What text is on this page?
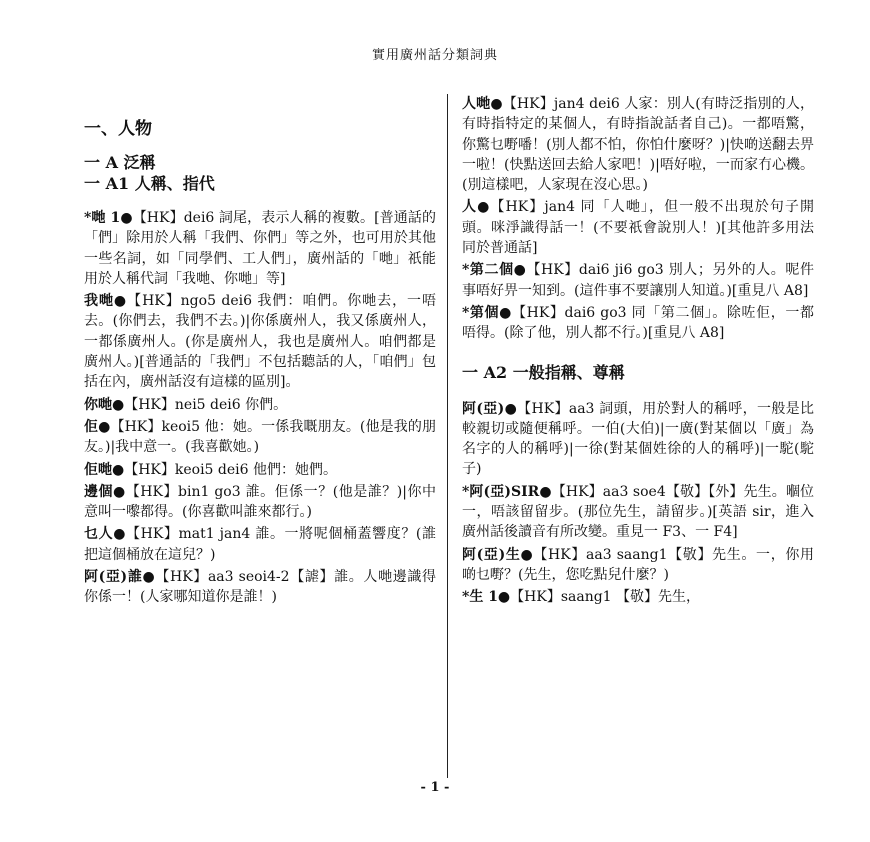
實用廣州話分類詞典
一、人物
一 A 泛稱
一 A1 人稱、指代

*哋 1●【HK】dei6 詞尾，表示人稱的複數。[普通話的「們」除用於人稱「我們、你們」等之外，也可用於其他一些名詞，如「同學們、工人們」，廣州話的「哋」祇能用於人稱代詞「我哋、你哋」等]

我哋●【HK】ngo5 dei6 我們：咱們。你哋去，一唔去。(你們去，我們不去。)|你係廣州人，我又係廣州人，一都係廣州人。(你是廣州人，我也是廣州人。咱們都是廣州人。)[普通話的「我們」不包括聽話的人，「咱們」包括在內，廣州話沒有這樣的區別]。

你哋●【HK】nei5 dei6 你們。

佢●【HK】keoi5 他：她。一係我嘅朋友。(他是我的朋友。)|我中意一。(我喜歡她。)

佢哋●【HK】keoi5 dei6 他們：她們。

邊個●【HK】bin1 go3 誰。佢係一？(他是誰？)|你中意叫一嚟都得。(你喜歡叫誰來都行。)

乜人●【HK】mat1 jan4 誰。一將呢個桶蓋響度？(誰把這個桶放在這兒？)

阿(亞)誰●【HK】aa3 seoi4-2【謔】誰。人哋邊識得你係一！(人家哪知道你是誰！)

人哋●【HK】jan4 dei6 人家：別人(有時泛指別的人，有時指特定的某個人，有時指說話者自己)。一都唔驚，你驚乜嘢噃！(別人都不怕，你怕什麼呀？)|快啲送翻去畀一啦！(快點送回去給人家吧！)|唔好啦，一而家冇心機。(別這樣吧，人家現在沒心思。)

人●【HK】jan4 同「人哋」，但一般不出現於句子開頭。咪淨識得話一！(不要祇會說別人！)[其他許多用法同於普通話]

*第二個●【HK】dai6 ji6 go3 別人；另外的人。呢件事唔好畀一知到。(這件事不要讓別人知道。)[重見八 A8]

*第個●【HK】dai6 go3 同「第二個」。除咗佢，一都唔得。(除了他，別人都不行。)[重見八 A8]

一 A2 一般指稱、尊稱

阿(亞)●【HK】aa3 詞頭，用於對人的稱呼，一般是比較親切或隨便稱呼。一伯(大伯)|一廣(對某個以「廣」為名字的人的稱呼)|一徐(對某個姓徐的人的稱呼)|一駝(駝子)

*阿(亞)SIR●【HK】aa3 soe4【敬】【外】先生。嗰位一，唔該留留步。(那位先生，請留步。)[英語 sir，進入廣州話後讀音有所改變。重見一 F3、一 F4]

阿(亞)生●【HK】aa3 saang1【敬】先生。一，你用啲乜嘢？(先生，您吃點兒什麼？)

*生 1●【HK】saang1 【敬】先生，

- 1 -
